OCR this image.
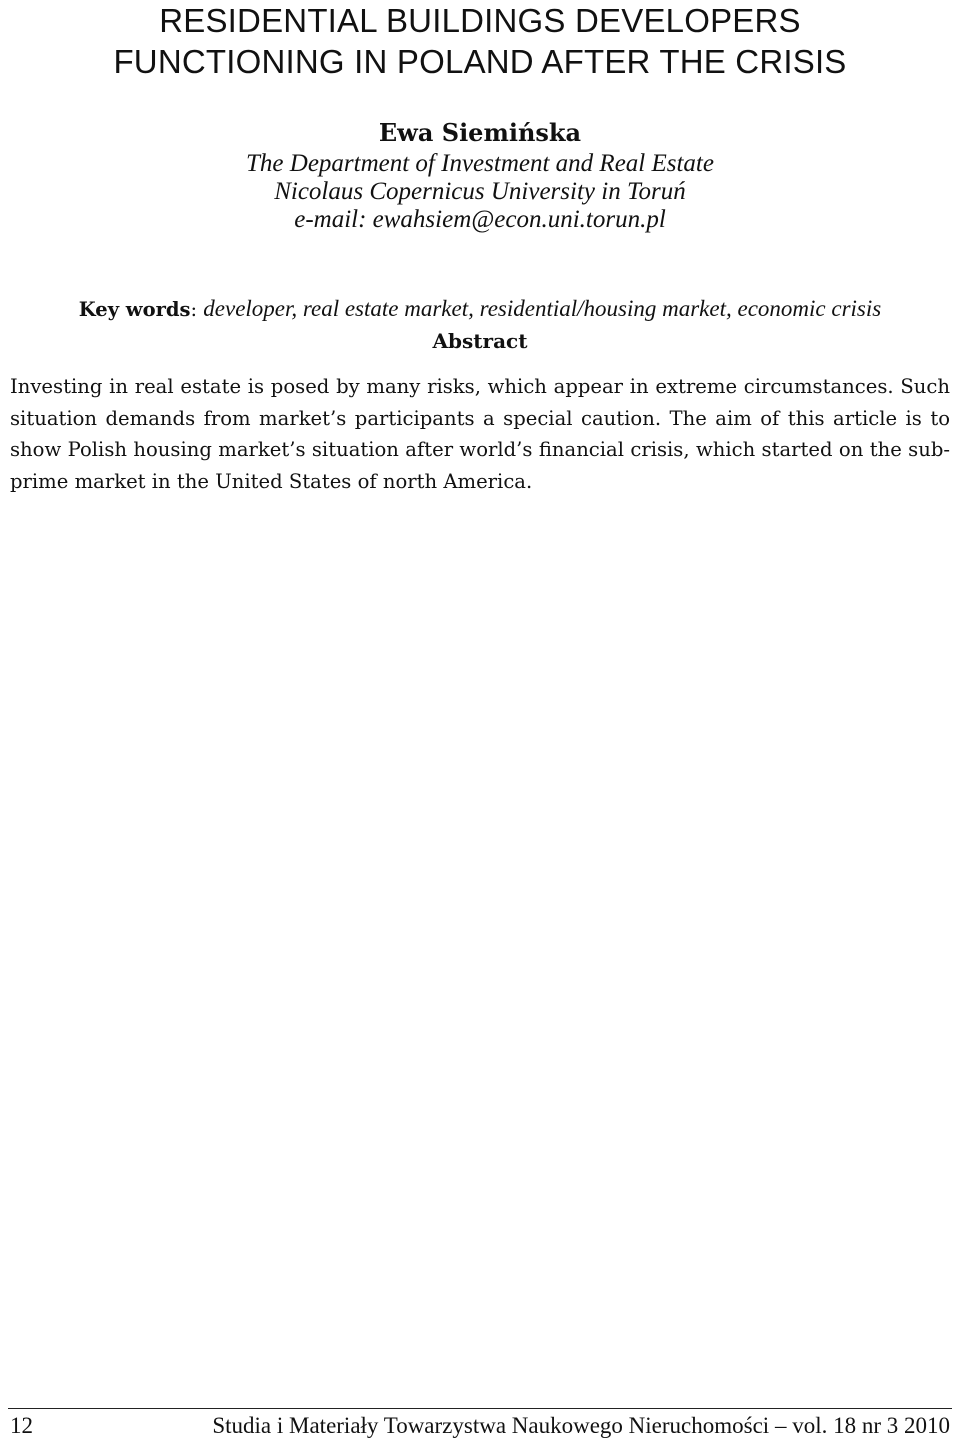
RESIDENTIAL BUILDINGS DEVELOPERS
FUNCTIONING IN POLAND AFTER THE CRISIS
Ewa Siemińska
The Department of Investment and Real Estate
Nicolaus Copernicus University in Toruń
e-mail: ewahsiem@econ.uni.torun.pl
Key words: developer, real estate market, residential/housing market, economic crisis
Abstract

Investing in real estate is posed by many risks, which appear in extreme circumstances. Such situation demands from market’s participants a special caution. The aim of this article is to show Polish housing market’s situation after world’s financial crisis, which started on the sub-prime market in the United States of north America.

12	Studia i Materiały Towarzystwa Naukowego Nieruchomości – vol. 18 nr 3 2010
